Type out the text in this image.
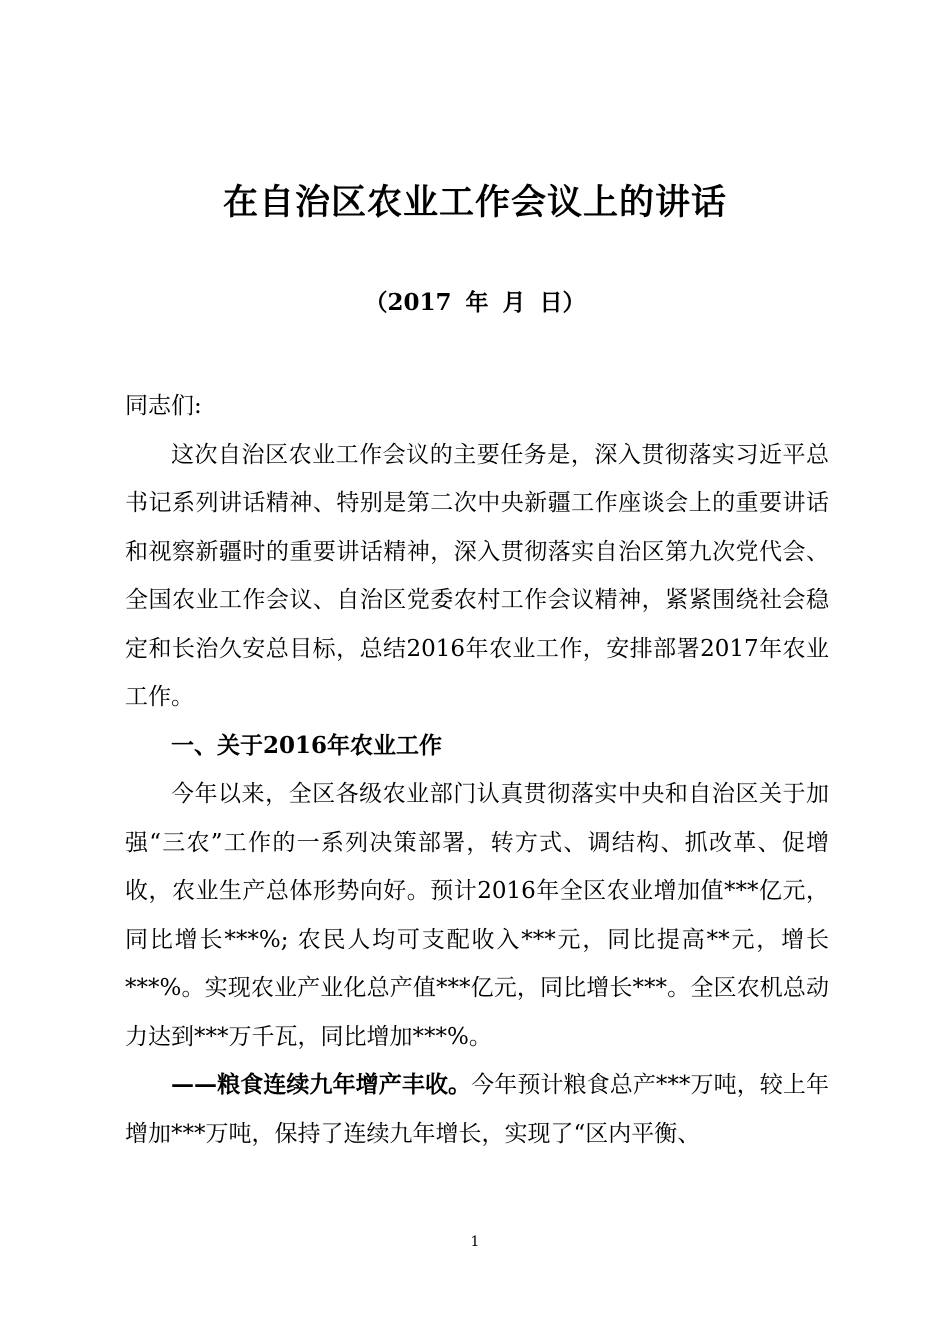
在自治区农业工作会议上的讲话
（2017 年 月 日）

同志们:

这次自治区农业工作会议的主要任务是，深入贯彻落实习近平总书记系列讲话精神、特别是第二次中央新疆工作座谈会上的重要讲话和视察新疆时的重要讲话精神，深入贯彻落实自治区第九次党代会、全国农业工作会议、自治区党委农村工作会议精神，紧紧围绕社会稳定和长治久安总目标，总结2016年农业工作，安排部署2017年农业工作。

一、关于2016年农业工作

今年以来，全区各级农业部门认真贯彻落实中央和自治区关于加强“三农”工作的一系列决策部署，转方式、调结构、抓改革、促增收，农业生产总体形势向好。预计2016年全区农业增加值***亿元，同比增长***%; 农民人均可支配收入***元，同比提高**元，增长***%。实现农业产业化总产值***亿元，同比增长***。全区农机总动力达到***万千瓦，同比增加***%。

——粮食连续九年增产丰收。今年预计粮食总产***万吨，较上年增加***万吨，保持了连续九年增长，实现了“区内平衡、

1
